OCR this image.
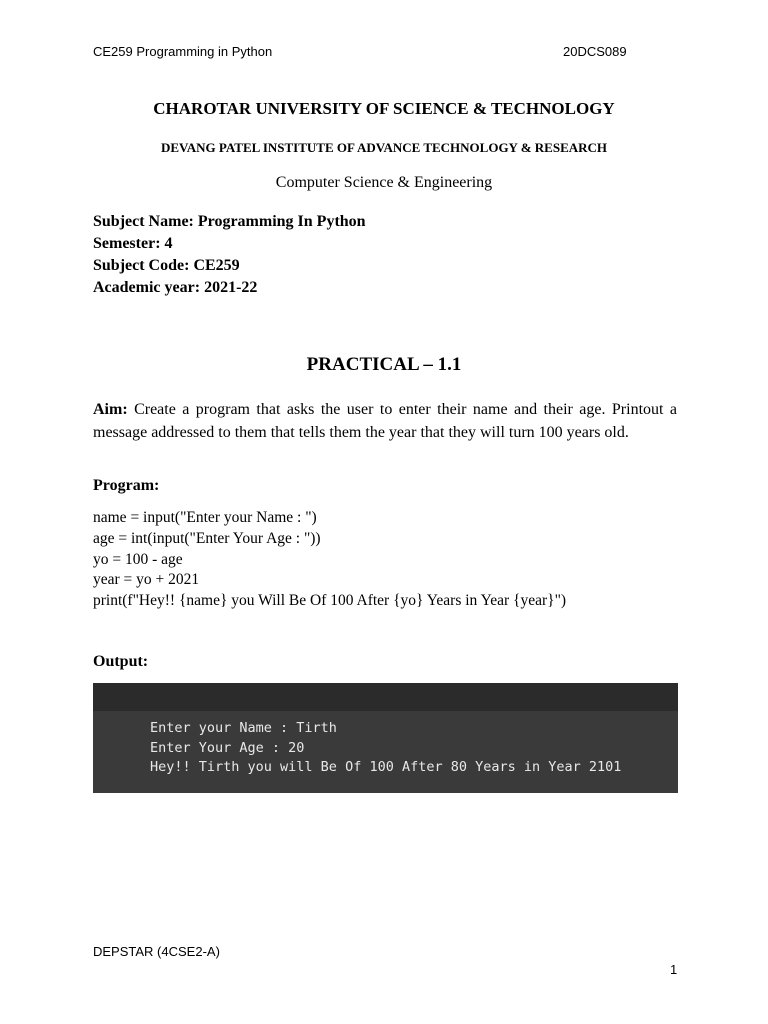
CE259 Programming in Python	20DCS089
CHAROTAR UNIVERSITY OF SCIENCE & TECHNOLOGY
DEVANG PATEL INSTITUTE OF ADVANCE TECHNOLOGY & RESEARCH
Computer Science & Engineering
Subject Name: Programming In Python
Semester: 4
Subject Code: CE259
Academic year: 2021-22
PRACTICAL – 1.1
Aim: Create a program that asks the user to enter their name and their age. Printout a message addressed to them that tells them the year that they will turn 100 years old.
Program:
name = input("Enter your Name : ")
age = int(input("Enter Your Age : "))
yo = 100 - age
year = yo + 2021
print(f"Hey!! {name} you Will Be Of 100 After {yo} Years in Year {year}")
Output:
Enter your Name : Tirth
Enter Your Age : 20
Hey!! Tirth you will Be Of 100 After 80 Years in Year 2101
DEPSTAR (4CSE2-A)
1
